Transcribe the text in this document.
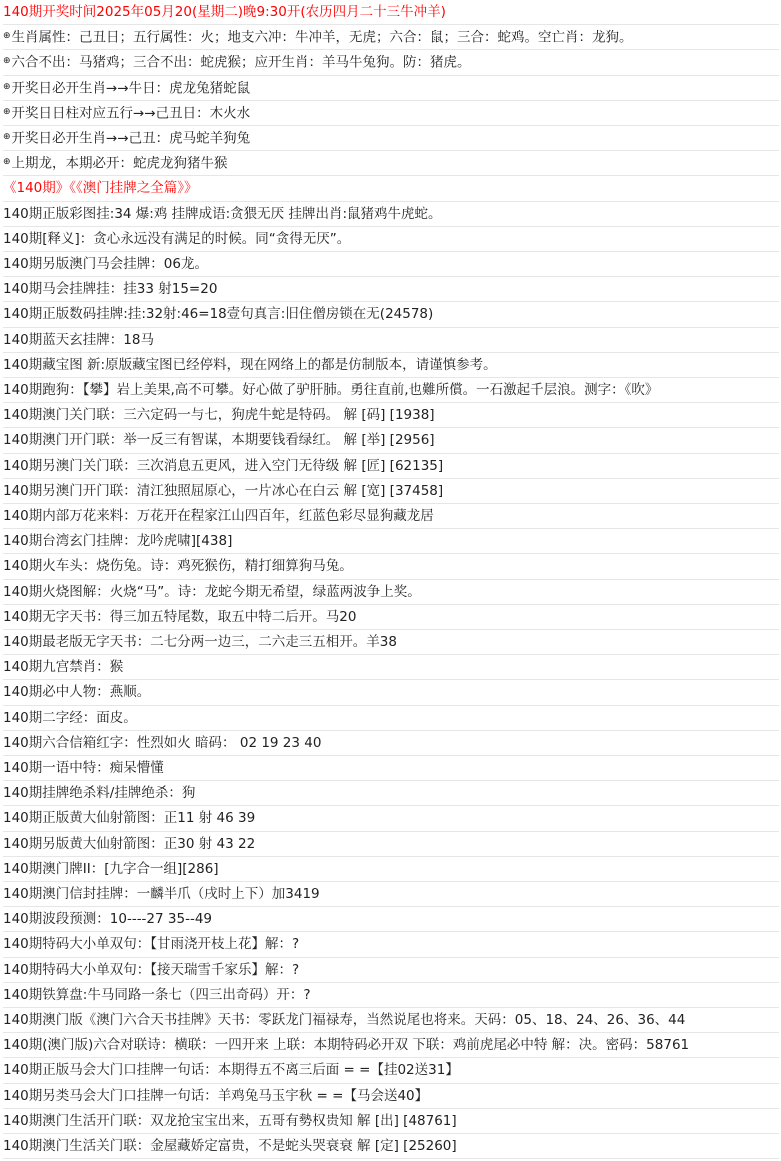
140期开奖时间2025年05月20(星期二)晚9:30开(农历四月二十三牛冲羊)
⊕生肖属性：己丑日；五行属性：火；地支六冲：牛冲羊，无虎；六合：鼠；三合：蛇鸡。空亡肖：龙狗。
⊕六合不出：马猪鸡；三合不出：蛇虎猴；应开生肖：羊马牛兔狗。防：猪虎。
⊕开奖日必开生肖→→牛日：虎龙兔猪蛇鼠
⊕开奖日日柱对应五行→→己丑日：木火水
⊕开奖日必开生肖→→己丑：虎马蛇羊狗兔
⊕上期龙，本期必开：蛇虎龙狗猪牛猴
《140期》《《澳门挂牌之全篇》》
140期正版彩图挂:34 爆:鸡 挂牌成语:贪猥无厌 挂牌出肖:鼠猪鸡牛虎蛇。
140期[释义]：贪心永远没有满足的时候。同“贪得无厌”。
140期另版澳门马会挂牌：06龙。
140期马会挂牌挂：挂33 射15=20
140期正版数码挂牌:挂:32射:46=18壹句真言:旧住僧房锁在无(24578)
140期蓝天玄挂牌：18马
140期藏宝图 新:原版藏宝图已经停料，现在网络上的都是仿制版本，请谨慎参考。
140期跑狗：【攀】岩上美果,高不可攀。好心做了驴肝肺。勇往直前,也難所償。一石激起千层浪。测字：《吹》
140期澳门关门联：三六定码一与七，狗虎牛蛇是特码。 解 [码] [1938]
140期澳门开门联：举一反三有智谋，本期要钱看绿红。 解 [举] [2956]
140期另澳门关门联：三次消息五更风，进入空门无待级 解 [匠] [62135]
140期另澳门开门联：清江独照屈原心，一片冰心在白云 解 [宽] [37458]
140期内部万花来料：万花开在程家江山四百年，红蓝色彩尽显狗藏龙居
140期台湾玄门挂牌：龙吟虎啸][438]
140期火车头：烧伤兔。诗：鸡死猴伤，精打细算狗马兔。
140期火烧图解：火烧“马”。诗：龙蛇今期无希望，绿蓝两波争上奖。
140期无字天书：得三加五特尾数，取五中特二后开。马20
140期最老版无字天书：二七分两一边三，二六走三五相开。羊38
140期九宫禁肖：猴
140期必中人物：燕顺。
140期二字经：面皮。
140期六合信箱红字：性烈如火 暗码： 02 19 23 40
140期一语中特：痴呆懵懂
140期挂牌绝杀料/挂牌绝杀：狗
140期正版黄大仙射箭图：正11 射 46 39
140期另版黄大仙射箭图：正30 射 43 22
140期澳门牌II：[九字合一组][286]
140期澳门信封挂牌：一麟半爪（戌时上下）加3419
140期波段预测：10----27 35--49
140期特码大小单双句：【甘雨浇开枝上花】解：?
140期特码大小单双句：【接天瑞雪千家乐】解：?
140期铁算盘:牛马同路一条七（四三出奇码）开：?
140期澳门版《澳门六合天书挂牌》天书：零跃龙门福禄寿，当然说尾也将来。天码：05、18、24、26、36、44
140期(澳门版)六合对联诗：横联：一四开来 上联：本期特码必开双 下联：鸡前虎尾必中特 解：决。密码：58761
140期正版马会大门口挂牌一句话：本期得五不离三后面 = =【挂02送31】
140期另类马会大门口挂牌一句话：羊鸡兔马玉宇秋 = =【马会送40】
140期澳门生活开门联：双龙抢宝宝出来，五哥有勢权贵知 解 [出] [48761]
140期澳门生活关门联：金屋藏娇定富贵，不是蛇头哭衰衰 解 [定] [25260]
